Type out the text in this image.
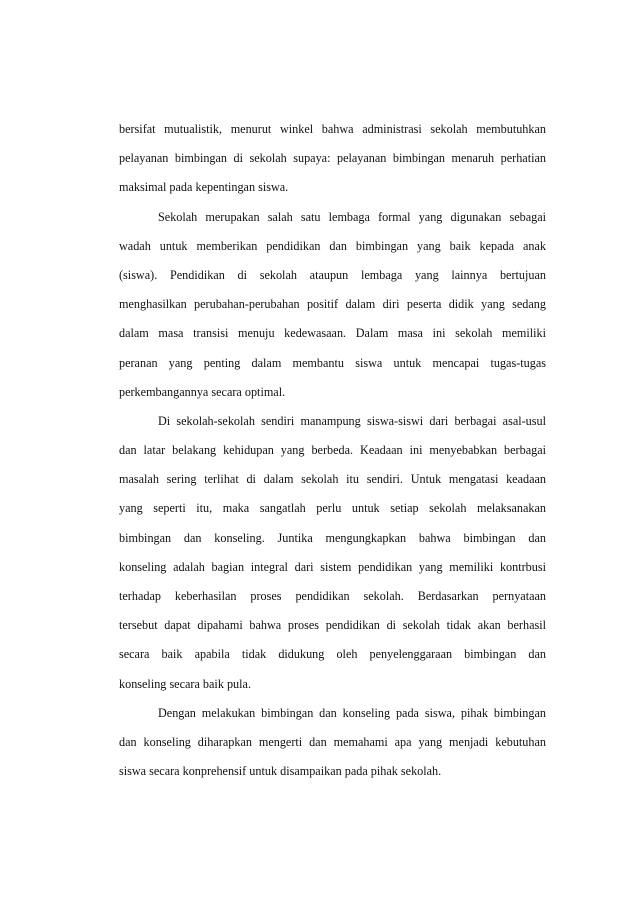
bersifat mutualistik, menurut winkel bahwa administrasi sekolah membutuhkan
pelayanan bimbingan di sekolah supaya: pelayanan bimbingan menaruh perhatian
maksimal pada kepentingan siswa.
Sekolah merupakan salah satu lembaga formal yang digunakan sebagai
wadah untuk memberikan pendidikan dan bimbingan yang baik kepada anak
(siswa). Pendidikan di sekolah ataupun lembaga yang lainnya bertujuan
menghasilkan perubahan-perubahan positif dalam diri peserta didik yang sedang
dalam masa transisi menuju kedewasaan. Dalam masa ini sekolah memiliki
peranan yang penting dalam membantu siswa untuk mencapai tugas-tugas
perkembangannya secara optimal.
Di sekolah-sekolah sendiri manampung siswa-siswi dari berbagai asal-usul
dan latar belakang kehidupan yang berbeda. Keadaan ini menyebabkan berbagai
masalah sering terlihat di dalam sekolah itu sendiri. Untuk mengatasi keadaan
yang seperti itu, maka sangatlah perlu untuk setiap sekolah melaksanakan
bimbingan dan konseling. Juntika mengungkapkan bahwa bimbingan dan
konseling adalah bagian integral dari sistem pendidikan yang memiliki kontrbusi
terhadap keberhasilan proses pendidikan sekolah. Berdasarkan pernyataan
tersebut dapat dipahami bahwa proses pendidikan di sekolah tidak akan berhasil
secara baik apabila tidak didukung oleh penyelenggaraan bimbingan dan
konseling secara baik pula.
Dengan melakukan bimbingan dan konseling pada siswa, pihak bimbingan
dan konseling diharapkan mengerti dan memahami apa yang menjadi kebutuhan
siswa secara konprehensif untuk disampaikan pada pihak sekolah.
